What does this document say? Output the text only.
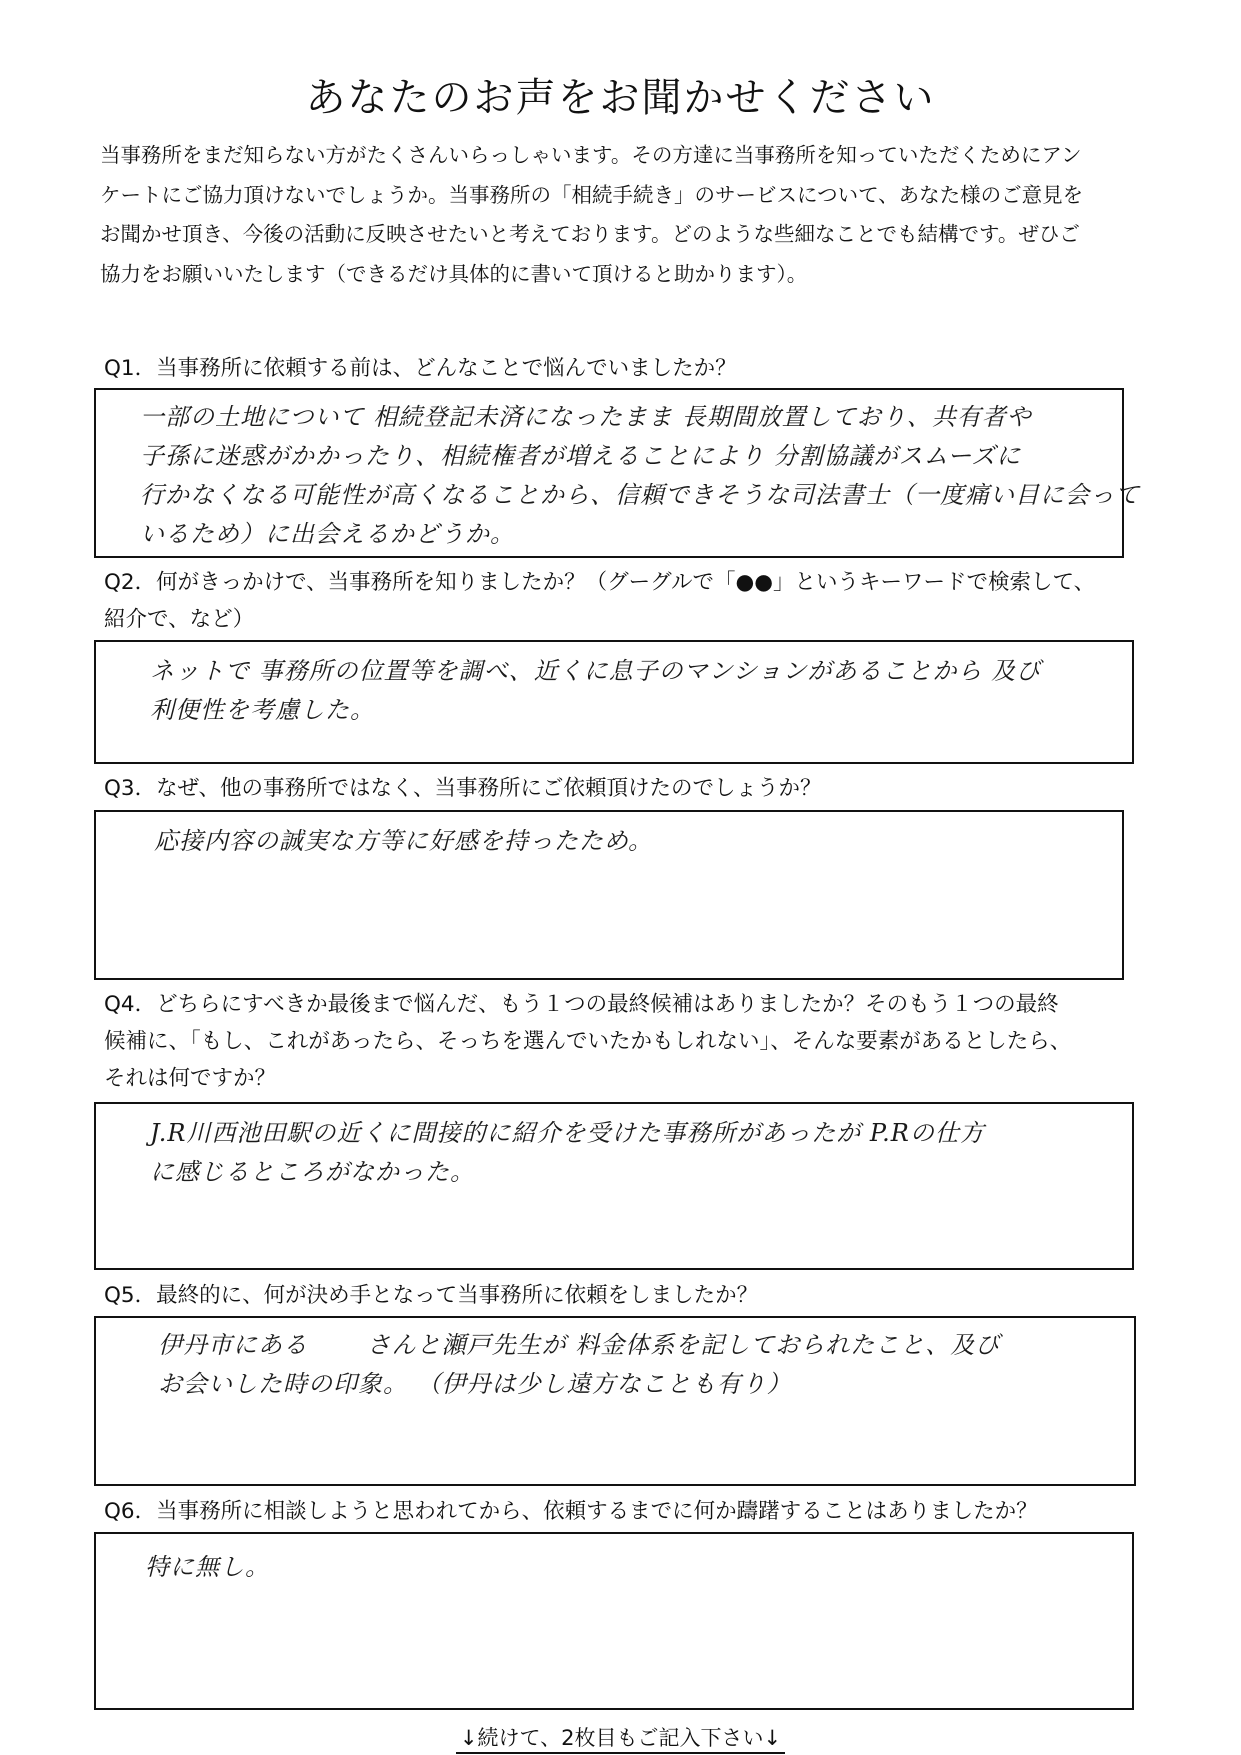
あなたのお声をお聞かせください
当事務所をまだ知らない方がたくさんいらっしゃいます。その方達に当事務所を知っていただくためにアン
ケートにご協力頂けないでしょうか。当事務所の「相続手続き」のサービスについて、あなた様のご意見を
お聞かせ頂き、今後の活動に反映させたいと考えております。どのような些細なことでも結構です。ぜひご
協力をお願いいたします（できるだけ具体的に書いて頂けると助かります）。
Q1．当事務所に依頼する前は、どんなことで悩んでいましたか？
一部の土地について 相続登記未済になったまま 長期間放置しており、共有者や
子孫に迷惑がかかったり、相続権者が増えることにより 分割協議がスムーズに
行かなくなる可能性が高くなることから、信頼できそうな司法書士（一度痛い目に会って
いるため）に出会えるかどうか。
Q2．何がきっかけで、当事務所を知りましたか？（グーグルで「●●」というキーワードで検索して、
紹介で、など）
ネットで 事務所の位置等を調べ、近くに息子のマンションがあることから 及び
利便性を考慮した。
Q3．なぜ、他の事務所ではなく、当事務所にご依頼頂けたのでしょうか？
応接内容の誠実な方等に好感を持ったため。
Q4．どちらにすべきか最後まで悩んだ、もう１つの最終候補はありましたか？そのもう１つの最終
候補に、「もし、これがあったら、そっちを選んでいたかもしれない」、そんな要素があるとしたら、
それは何ですか？
J.R川西池田駅の近くに間接的に紹介を受けた事務所があったが P.Rの仕方
に感じるところがなかった。
Q5．最終的に、何が決め手となって当事務所に依頼をしましたか？
伊丹市にある　　 さんと瀬戸先生が 料金体系を記しておられたこと、及び
お会いした時の印象。 （伊丹は少し遠方なことも有り）
Q6．当事務所に相談しようと思われてから、依頼するまでに何か躊躇することはありましたか？
特に無し。
↓続けて、2枚目もご記入下さい↓
